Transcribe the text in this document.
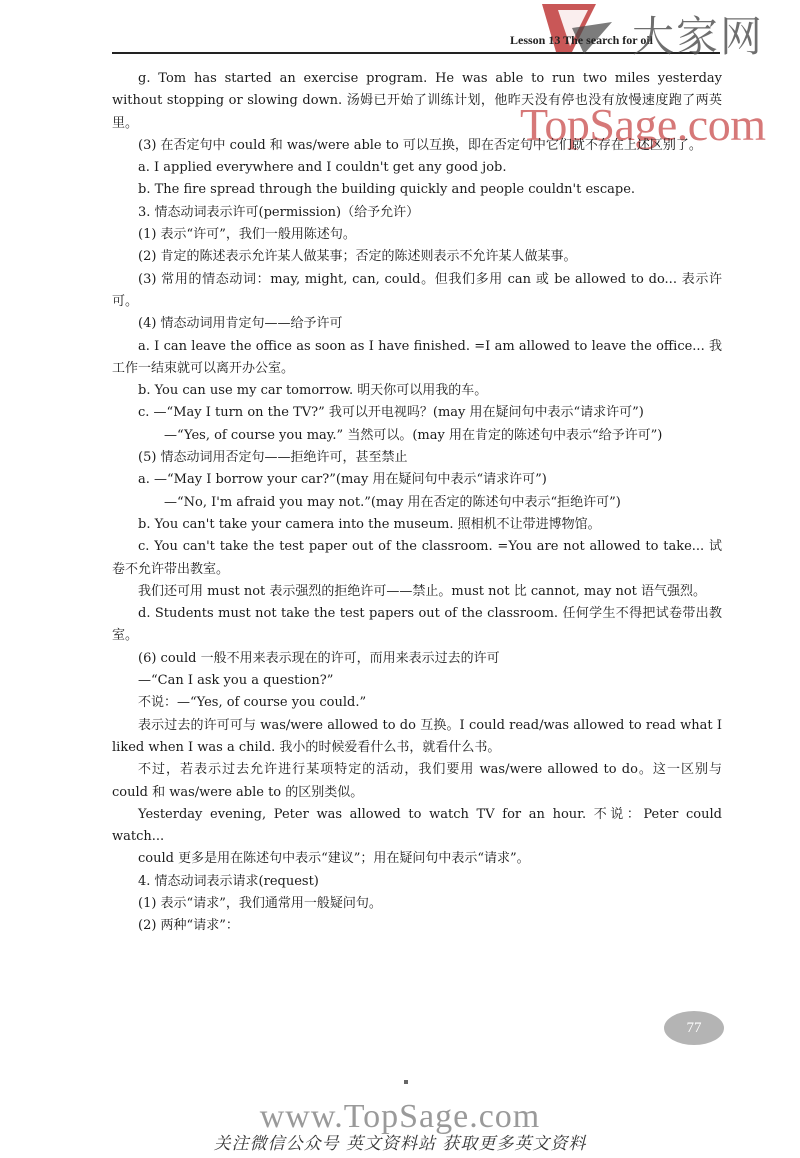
Lesson 13 The search for oil
大家网
TopSage.com

g. Tom has started an exercise program. He was able to run two miles yesterday without stopping or slowing down. 汤姆已开始了训练计划，他昨天没有停也没有放慢速度跑了两英里。

(3) 在否定句中 could 和 was/were able to 可以互换，即在否定句中它们就不存在上述区别了。

a. I applied everywhere and I couldn't get any good job.

b. The fire spread through the building quickly and people couldn't escape.

3. 情态动词表示许可(permission)（给予允许）

(1) 表示“许可”，我们一般用陈述句。

(2) 肯定的陈述表示允许某人做某事；否定的陈述则表示不允许某人做某事。

(3) 常用的情态动词：may, might, can, could。但我们多用 can 或 be allowed to do... 表示许可。

(4) 情态动词用肯定句——给予许可

a. I can leave the office as soon as I have finished. =I am allowed to leave the office... 我工作一结束就可以离开办公室。

b. You can use my car tomorrow. 明天你可以用我的车。

c. —“May I turn on the TV?” 我可以开电视吗？(may 用在疑问句中表示“请求许可”)

—“Yes, of course you may.” 当然可以。(may 用在肯定的陈述句中表示“给予许可”)

(5) 情态动词用否定句——拒绝许可，甚至禁止

a. —“May I borrow your car?”(may 用在疑问句中表示“请求许可”)

—“No, I'm afraid you may not.”(may 用在否定的陈述句中表示“拒绝许可”)

b. You can't take your camera into the museum. 照相机不让带进博物馆。

c. You can't take the test paper out of the classroom. =You are not allowed to take... 试卷不允许带出教室。

我们还可用 must not 表示强烈的拒绝许可——禁止。must not 比 cannot, may not 语气强烈。

d. Students must not take the test papers out of the classroom. 任何学生不得把试卷带出教室。

(6) could 一般不用来表示现在的许可，而用来表示过去的许可

—“Can I ask you a question?”

不说：—“Yes, of course you could.”

表示过去的许可可与 was/were allowed to do 互换。I could read/was allowed to read what I liked when I was a child. 我小的时候爱看什么书，就看什么书。

不过，若表示过去允许进行某项特定的活动，我们要用 was/were allowed to do。这一区别与 could 和 was/were able to 的区别类似。

Yesterday evening, Peter was allowed to watch TV for an hour. 不说：Peter could watch...

could 更多是用在陈述句中表示“建议”；用在疑问句中表示“请求”。

4. 情态动词表示请求(request)

(1) 表示“请求”，我们通常用一般疑问句。

(2) 两种“请求”：

77
www.TopSage.com
关注微信公众号 英文资料站 获取更多英文资料
